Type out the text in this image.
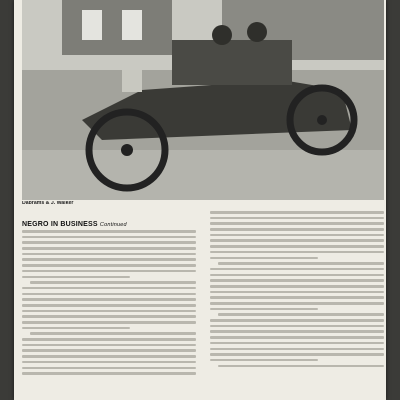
Dabrams & J. Walker
NEGRO IN BUSINESS Continued
